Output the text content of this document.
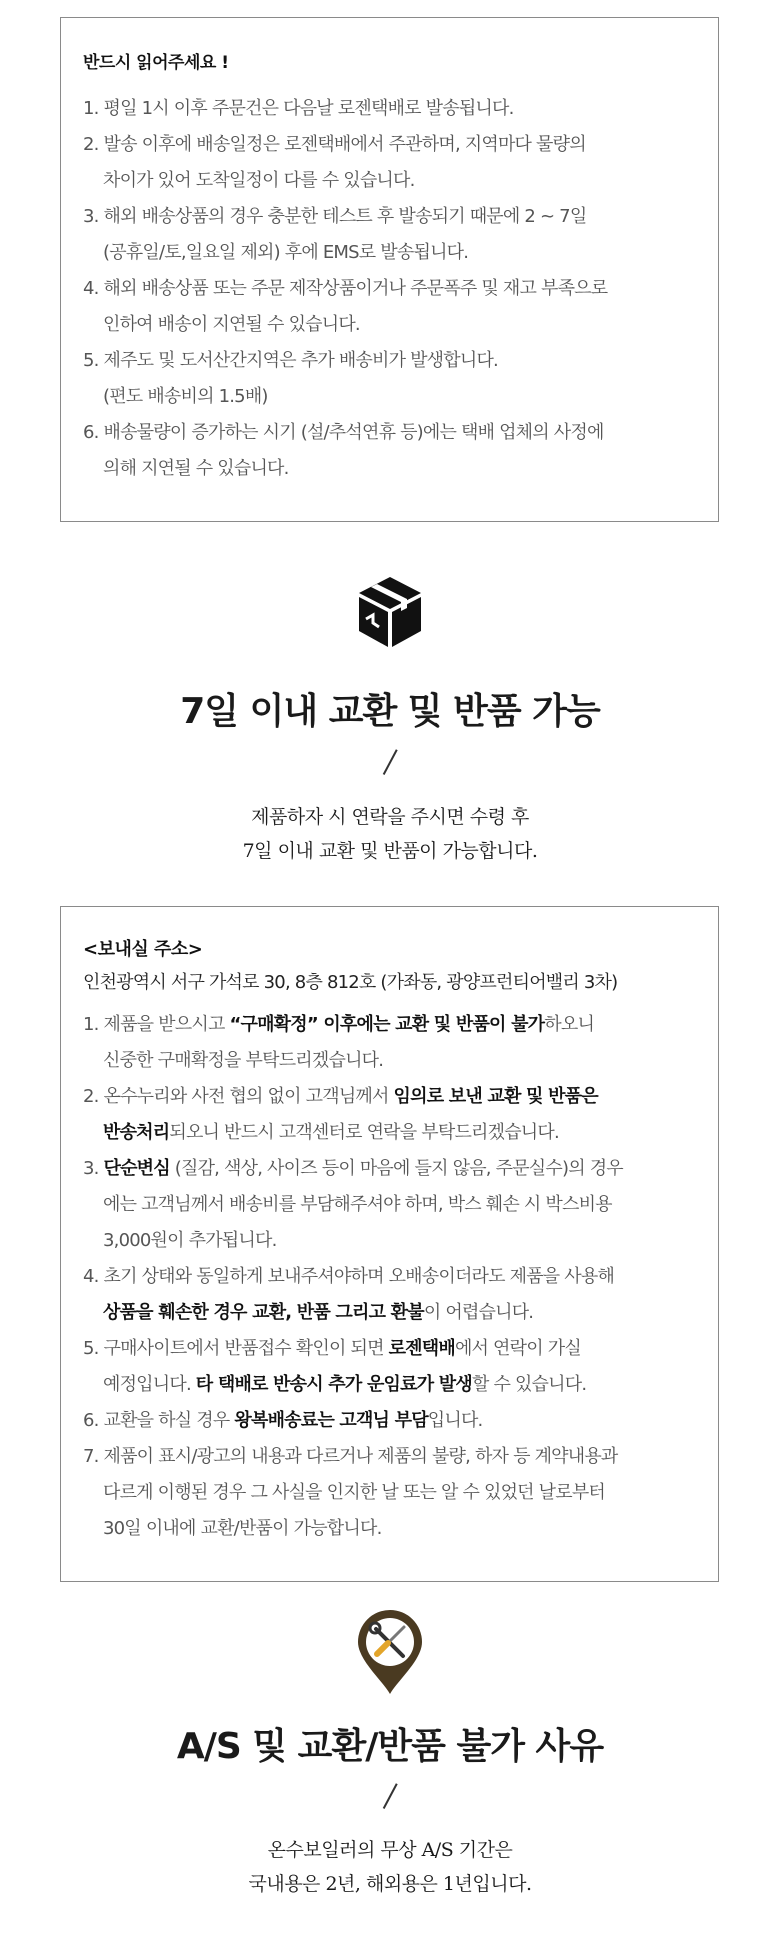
반드시 읽어주세요 !
1. 평일 1시 이후 주문건은 다음날 로젠택배로 발송됩니다.
2. 발송 이후에 배송일정은 로젠택배에서 주관하며, 지역마다 물량의
차이가 있어 도착일정이 다를 수 있습니다.
3. 해외 배송상품의 경우 충분한 테스트 후 발송되기 때문에 2 ~ 7일
(공휴일/토,일요일 제외) 후에 EMS로 발송됩니다.
4. 해외 배송상품 또는 주문 제작상품이거나 주문폭주 및 재고 부족으로
인하여 배송이 지연될 수 있습니다.
5. 제주도 및 도서산간지역은 추가 배송비가 발생합니다.
(편도 배송비의 1.5배)
6. 배송물량이 증가하는 시기 (설/추석연휴 등)에는 택배 업체의 사정에
의해 지연될 수 있습니다.
7일 이내 교환 및 반품 가능
제품하자 시 연락을 주시면 수령 후
7일 이내 교환 및 반품이 가능합니다.
<보내실 주소>
인천광역시 서구 가석로 30, 8층 812호 (가좌동, 광양프런티어밸리 3차)
1. 제품을 받으시고 “구매확정” 이후에는 교환 및 반품이 불가하오니
신중한 구매확정을 부탁드리겠습니다.
2. 온수누리와 사전 협의 없이 고객님께서 임의로 보낸 교환 및 반품은
반송처리되오니 반드시 고객센터로 연락을 부탁드리겠습니다.
3. 단순변심 (질감, 색상, 사이즈 등이 마음에 들지 않음, 주문실수)의 경우
에는 고객님께서 배송비를 부담해주셔야 하며, 박스 훼손 시 박스비용
3,000원이 추가됩니다.
4. 초기 상태와 동일하게 보내주셔야하며 오배송이더라도 제품을 사용해
상품을 훼손한 경우 교환, 반품 그리고 환불이 어렵습니다.
5. 구매사이트에서 반품접수 확인이 되면 로젠택배에서 연락이 가실
예정입니다. 타 택배로 반송시 추가 운임료가 발생할 수 있습니다.
6. 교환을 하실 경우 왕복배송료는 고객님 부담입니다.
7. 제품이 표시/광고의 내용과 다르거나 제품의 불량, 하자 등 계약내용과
다르게 이행된 경우 그 사실을 인지한 날 또는 알 수 있었던 날로부터
30일 이내에 교환/반품이 가능합니다.
A/S 및 교환/반품 불가 사유
온수보일러의 무상 A/S 기간은
국내용은 2년, 해외용은 1년입니다.
